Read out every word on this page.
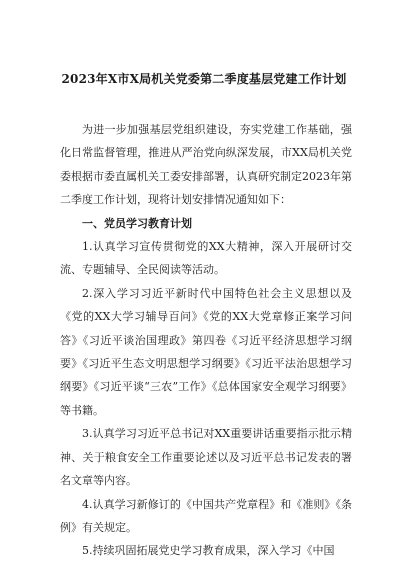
2023年X市X局机关党委第二季度基层党建工作计划

为进一步加强基层党组织建设，夯实党建工作基础，强化日常监督管理，推进从严治党向纵深发展，市XX局机关党委根据市委直属机关工委安排部署，认真研究制定2023年第二季度工作计划，现将计划安排情况通知如下：

一、党员学习教育计划

1.认真学习宣传贯彻党的XX大精神，深入开展研讨交流、专题辅导、全民阅读等活动。

2.深入学习习近平新时代中国特色社会主义思想以及《党的XX大学习辅导百问》《党的XX大党章修正案学习问答》《习近平谈治国理政》第四卷《习近平经济思想学习纲要》《习近平生态文明思想学习纲要》《习近平法治思想学习纲要》《习近平谈“三农”工作》《总体国家安全观学习纲要》等书籍。

3.认真学习习近平总书记对XX重要讲话重要指示批示精神、关于粮食安全工作重要论述以及习近平总书记发表的署名文章等内容。

4.认真学习新修订的《中国共产党章程》和《准则》《条例》有关规定。

5.持续巩固拓展党史学习教育成果，深入学习《中国
